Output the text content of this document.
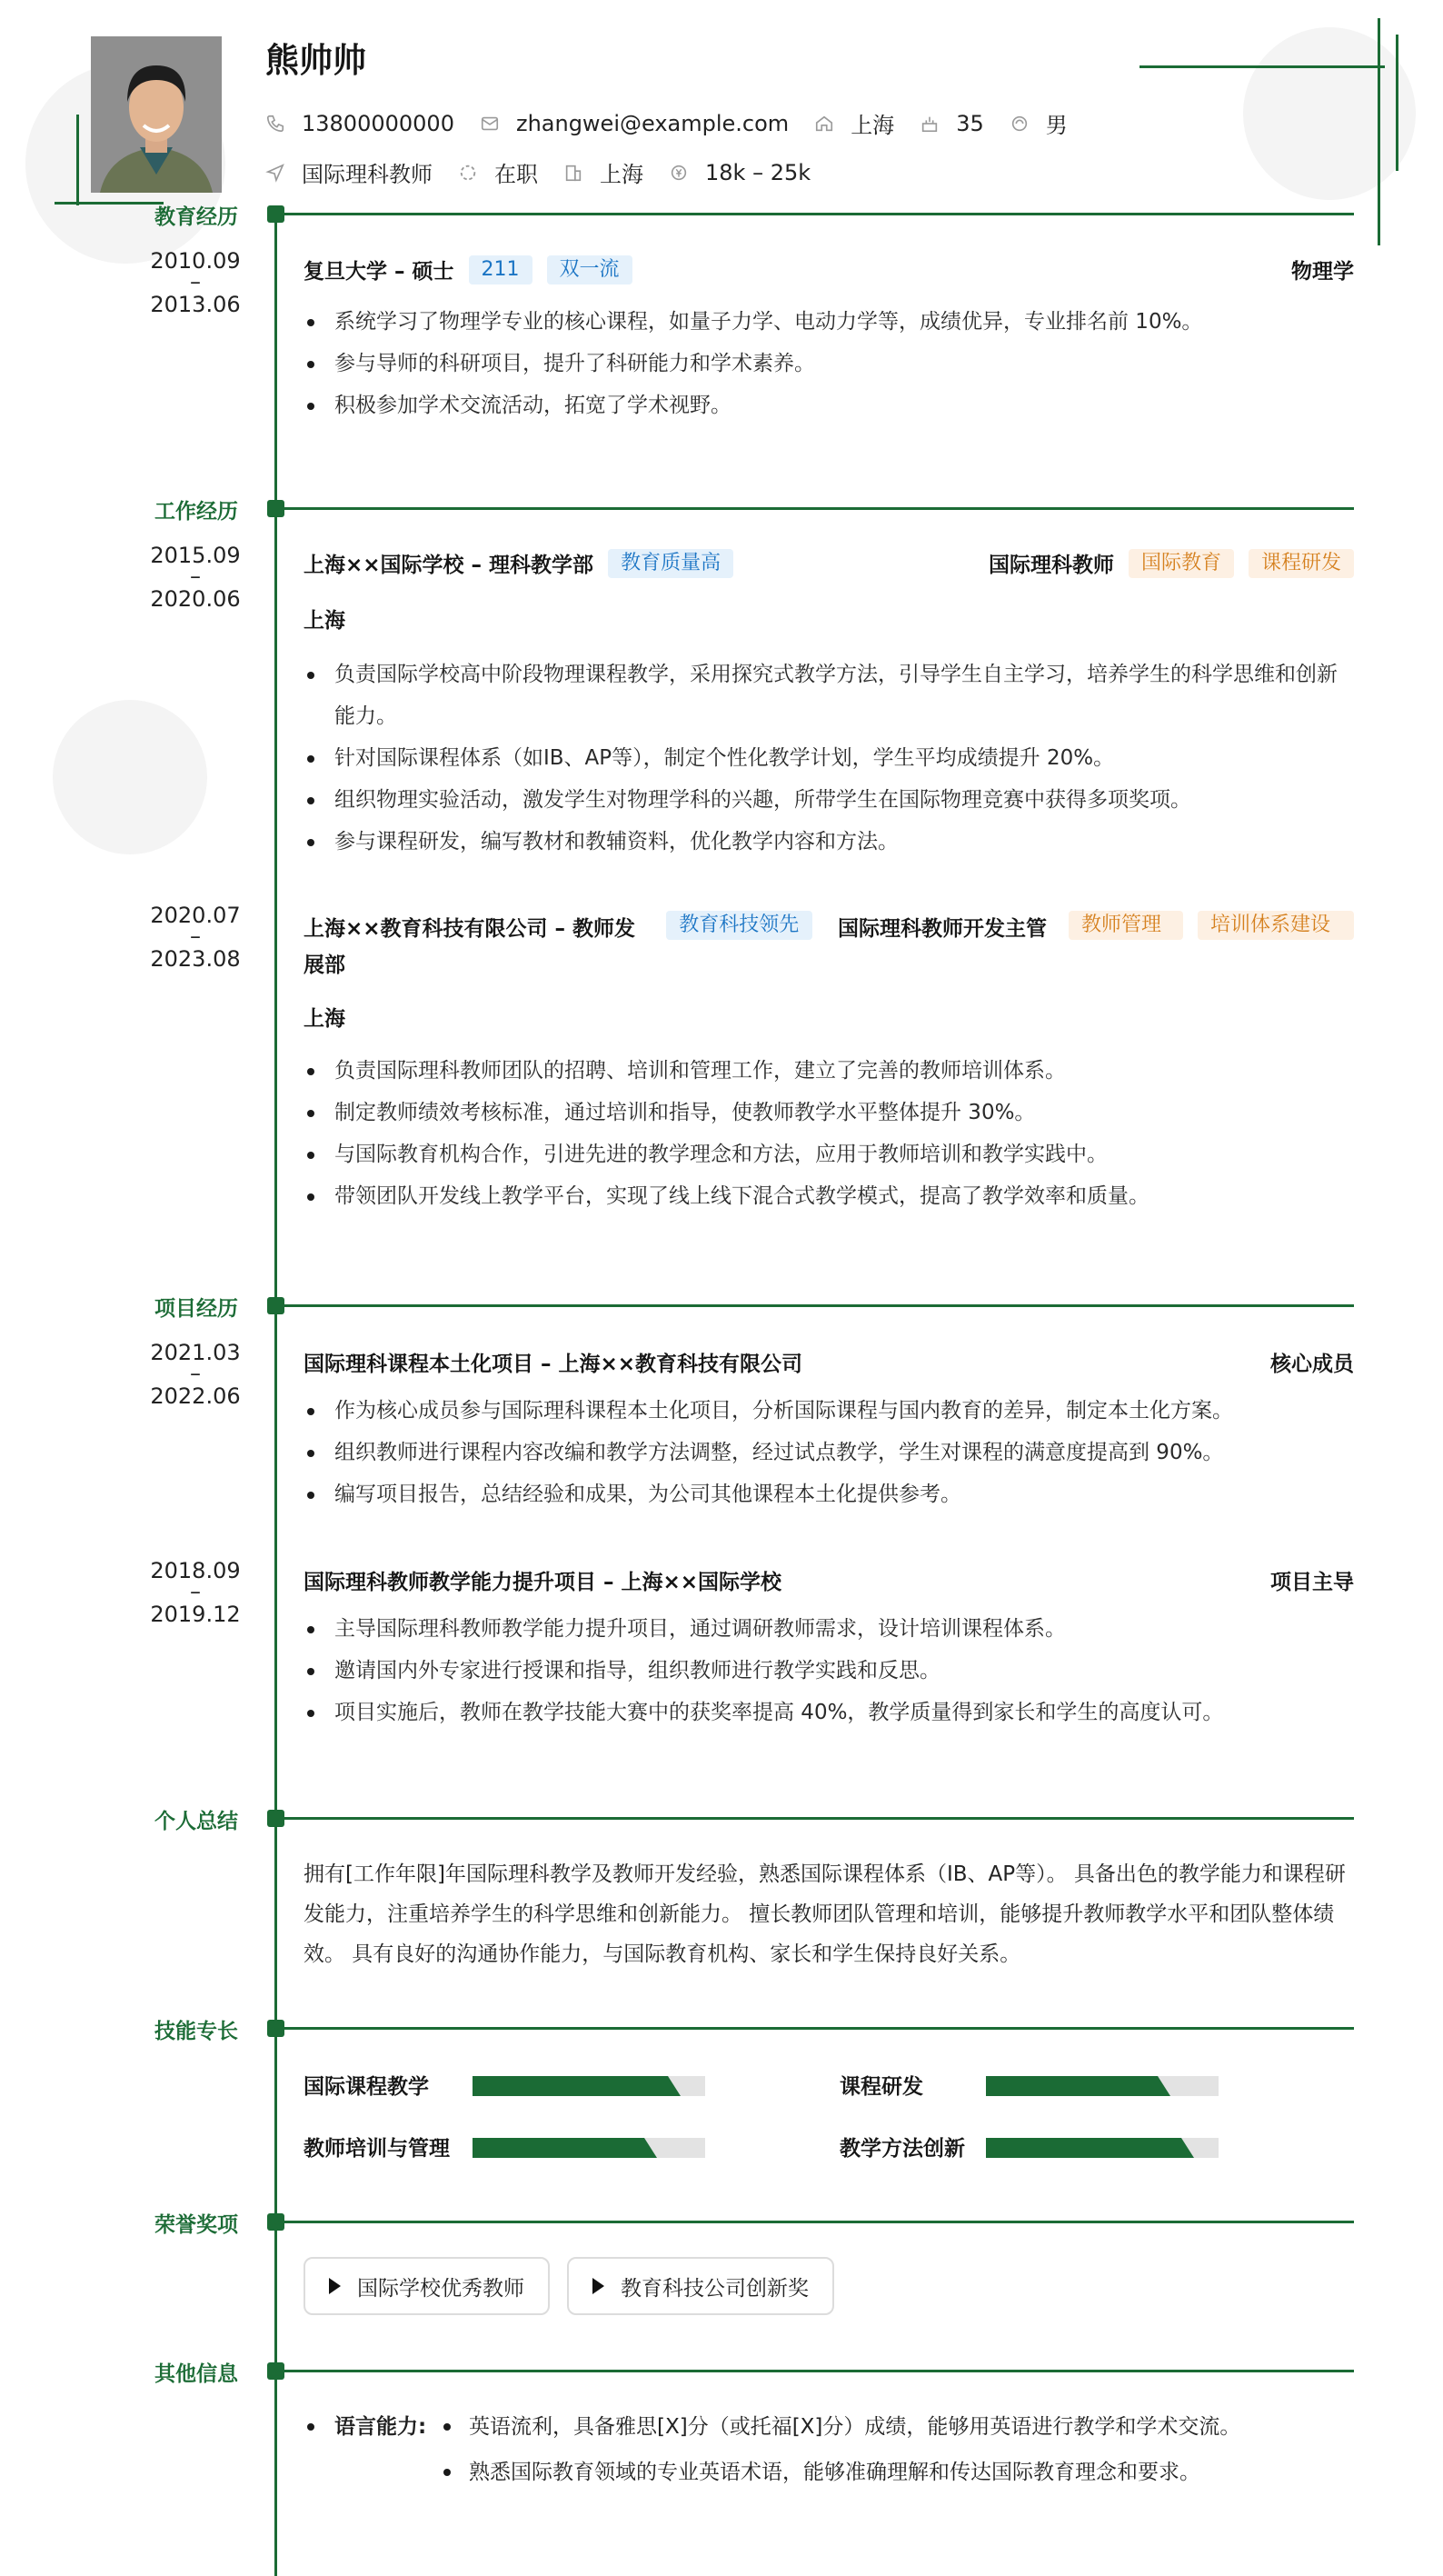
熊帅帅
13800000000	zhangwei@example.com	上海	35	男
国际理科教师	在职	上海	18k – 25k
教育经历
2010.09
–
2013.06
复旦大学 – 硕士	211	双一流	物理学
系统学习了物理学专业的核心课程，如量子力学、电动力学等，成绩优异，专业排名前 10%。
参与导师的科研项目，提升了科研能力和学术素养。
积极参加学术交流活动，拓宽了学术视野。
工作经历
2015.09
–
2020.06
上海××国际学校 – 理科教学部	教育质量高	国际理科教师	国际教育	课程研发
上海
负责国际学校高中阶段物理课程教学，采用探究式教学方法，引导学生自主学习，培养学生的科学思维和创新能力。
针对国际课程体系（如IB、AP等），制定个性化教学计划，学生平均成绩提升 20%。
组织物理实验活动，激发学生对物理学科的兴趣，所带学生在国际物理竞赛中获得多项奖项。
参与课程研发，编写教材和教辅资料，优化教学内容和方法。
2020.07
–
2023.08
上海××教育科技有限公司 – 教师发展部
教育科技领先	国际理科教师开发主管	教师管理	培训体系建设
上海
负责国际理科教师团队的招聘、培训和管理工作，建立了完善的教师培训体系。
制定教师绩效考核标准，通过培训和指导，使教师教学水平整体提升 30%。
与国际教育机构合作，引进先进的教学理念和方法，应用于教师培训和教学实践中。
带领团队开发线上教学平台，实现了线上线下混合式教学模式，提高了教学效率和质量。
项目经历
2021.03
–
2022.06
国际理科课程本土化项目 – 上海××教育科技有限公司	核心成员
作为核心成员参与国际理科课程本土化项目，分析国际课程与国内教育的差异，制定本土化方案。
组织教师进行课程内容改编和教学方法调整，经过试点教学，学生对课程的满意度提高到 90%。
编写项目报告，总结经验和成果，为公司其他课程本土化提供参考。
2018.09
–
2019.12
国际理科教师教学能力提升项目 – 上海××国际学校	项目主导
主导国际理科教师教学能力提升项目，通过调研教师需求，设计培训课程体系。
邀请国内外专家进行授课和指导，组织教师进行教学实践和反思。
项目实施后，教师在教学技能大赛中的获奖率提高 40%，教学质量得到家长和学生的高度认可。
个人总结
拥有[工作年限]年国际理科教学及教师开发经验，熟悉国际课程体系（IB、AP等）。 具备出色的教学能力和课程研发能力，注重培养学生的科学思维和创新能力。 擅长教师团队管理和培训，能够提升教师教学水平和团队整体绩效。 具有良好的沟通协作能力，与国际教育机构、家长和学生保持良好关系。
技能专长
国际课程教学	课程研发
教师培训与管理	教学方法创新
荣誉奖项
国际学校优秀教师	教育科技公司创新奖
其他信息
语言能力:	英语流利，具备雅思[X]分（或托福[X]分）成绩，能够用英语进行教学和学术交流。
熟悉国际教育领域的专业英语术语，能够准确理解和传达国际教育理念和要求。
